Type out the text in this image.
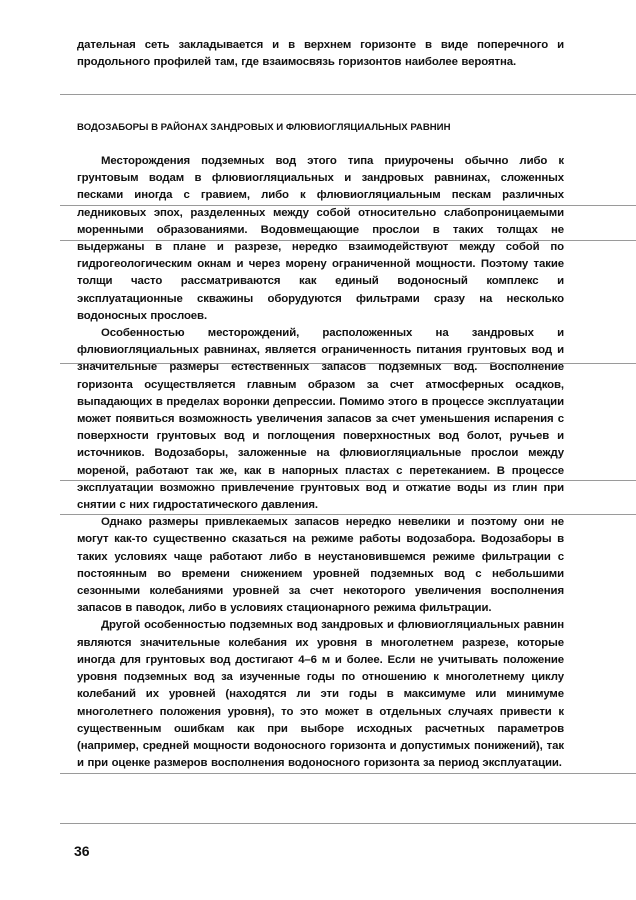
дательная сеть закладывается и в верхнем горизонте в виде поперечного и продольного профилей там, где взаимосвязь горизонтов наиболее вероятна.

ВОДОЗАБОРЫ В РАЙОНАХ ЗАНДРОВЫХ И ФЛЮВИОГЛЯЦИАЛЬНЫХ РАВНИН

Месторождения подземных вод этого типа приурочены обычно либо к грунтовым водам в флювиогляциальных и зандровых равнинах, сложенных песками иногда с гравием, либо к флювиогляциальным пескам различных ледниковых эпох, разделенных между собой относительно слабопроницаемыми моренными образованиями. Водовмещающие прослои в таких толщах не выдержаны в плане и разрезе, нередко взаимодействуют между собой по гидрогеологическим окнам и через морену ограниченной мощности. Поэтому такие толщи часто рассматриваются как единый водоносный комплекс и эксплуатационные скважины оборудуются фильтрами сразу на несколько водоносных прослоев.

Особенностью месторождений, расположенных на зандровых и флювиогляциальных равнинах, является ограниченность питания грунтовых вод и значительные размеры естественных запасов подземных вод. Восполнение горизонта осуществляется главным образом за счет атмосферных осадков, выпадающих в пределах воронки депрессии. Помимо этого в процессе эксплуатации может появиться возможность увеличения запасов за счет уменьшения испарения с поверхности грунтовых вод и поглощения поверхностных вод болот, ручьев и источников. Водозаборы, заложенные на флювиогляциальные прослои между мореной, работают так же, как в напорных пластах с перетеканием. В процессе эксплуатации возможно привлечение грунтовых вод и отжатие воды из глин при снятии с них гидростатического давления.

Однако размеры привлекаемых запасов нередко невелики и поэтому они не могут как-то существенно сказаться на режиме работы водозабора. Водозаборы в таких условиях чаще работают либо в неустановившемся режиме фильтрации с постоянным во времени снижением уровней подземных вод с небольшими сезонными колебаниями уровней за счет некоторого увеличения восполнения запасов в паводок, либо в условиях стационарного режима фильтрации.

Другой особенностью подземных вод зандровых и флювиогляциальных равнин являются значительные колебания их уровня в многолетнем разрезе, которые иногда для грунтовых вод достигают 4–6 м и более. Если не учитывать положение уровня подземных вод за изученные годы по отношению к многолетнему циклу колебаний их уровней (находятся ли эти годы в максимуме или минимуме многолетнего положения уровня), то это может в отдельных случаях привести к существенным ошибкам как при выборе исходных расчетных параметров (например, средней мощности водоносного горизонта и допустимых понижений), так и при оценке размеров восполнения водоносного горизонта за период эксплуатации.

36
